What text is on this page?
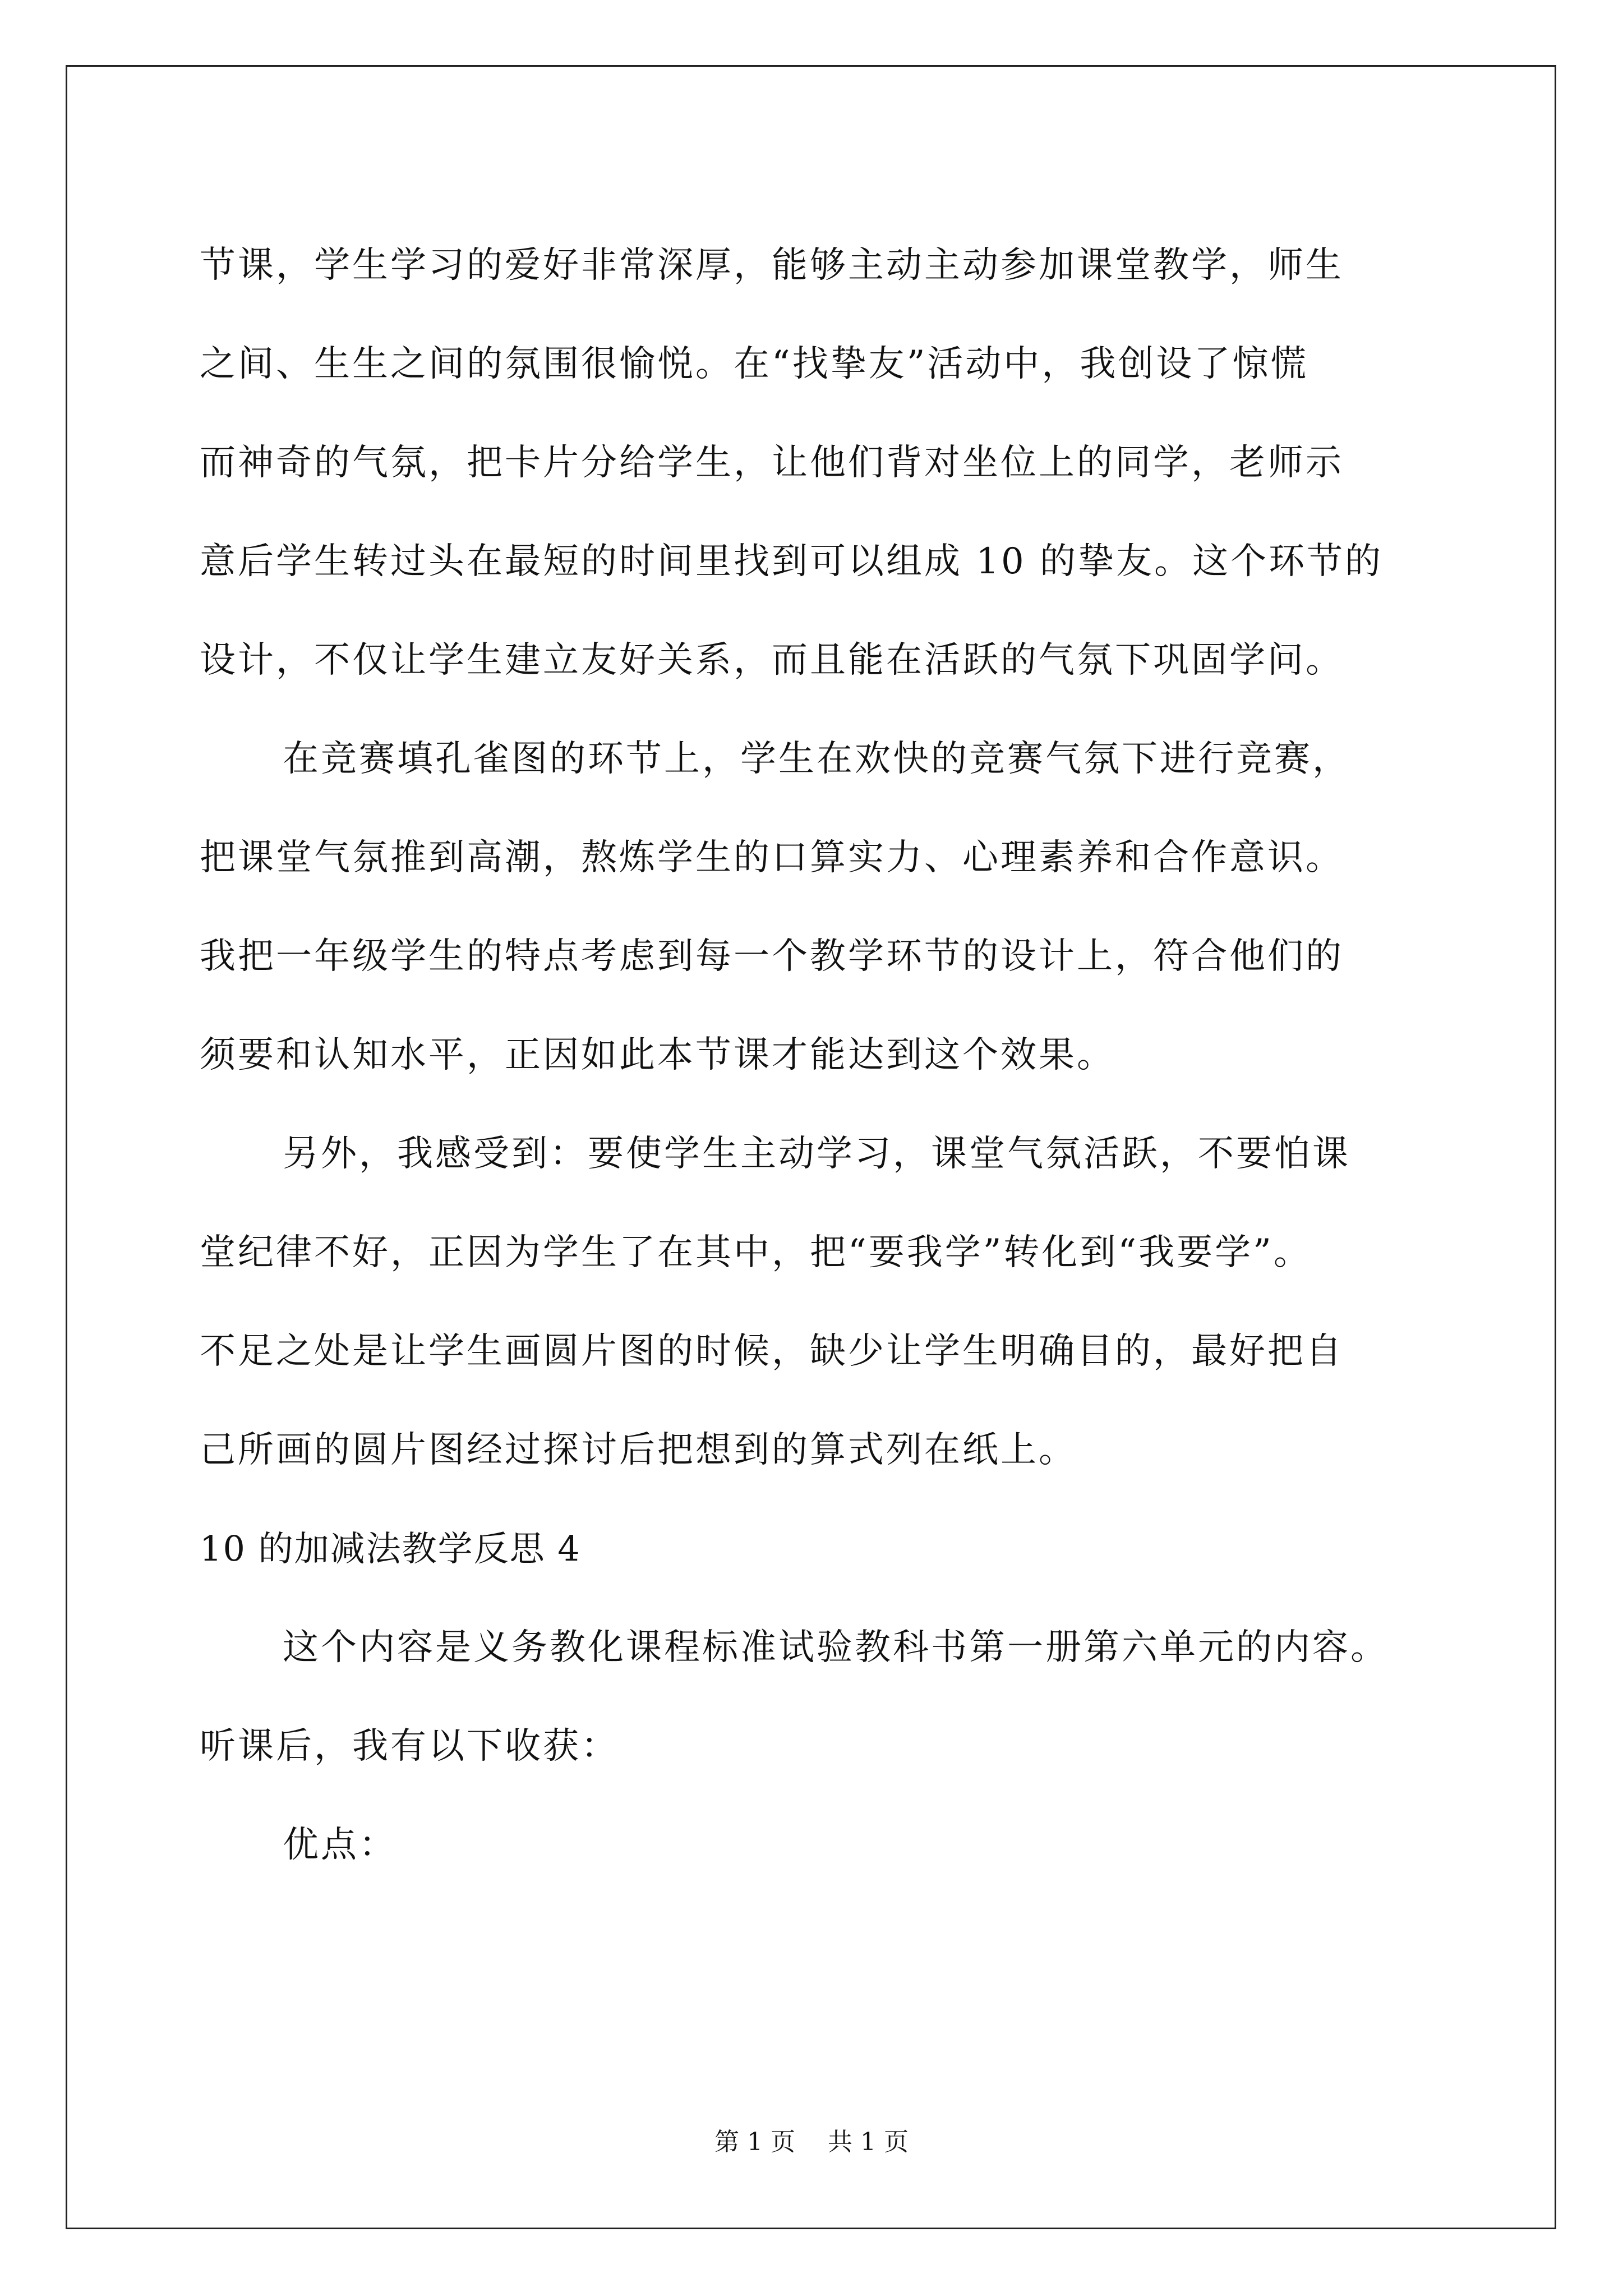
节课，学生学习的爱好非常深厚，能够主动主动参加课堂教学，师生
之间、生生之间的氛围很愉悦。在“找挚友”活动中，我创设了惊慌
而神奇的气氛，把卡片分给学生，让他们背对坐位上的同学，老师示
意后学生转过头在最短的时间里找到可以组成 10 的挚友。这个环节的
设计，不仅让学生建立友好关系，而且能在活跃的气氛下巩固学问。
在竞赛填孔雀图的环节上，学生在欢快的竞赛气氛下进行竞赛，
把课堂气氛推到高潮，熬炼学生的口算实力、心理素养和合作意识。
我把一年级学生的特点考虑到每一个教学环节的设计上，符合他们的
须要和认知水平，正因如此本节课才能达到这个效果。
另外，我感受到：要使学生主动学习，课堂气氛活跃，不要怕课
堂纪律不好，正因为学生了在其中，把“要我学”转化到“我要学”。
不足之处是让学生画圆片图的时候，缺少让学生明确目的，最好把自
己所画的圆片图经过探讨后把想到的算式列在纸上。
10 的加减法教学反思 4
这个内容是义务教化课程标准试验教科书第一册第六单元的内容。
听课后，我有以下收获：
优点：
第 1 页 共 1 页
